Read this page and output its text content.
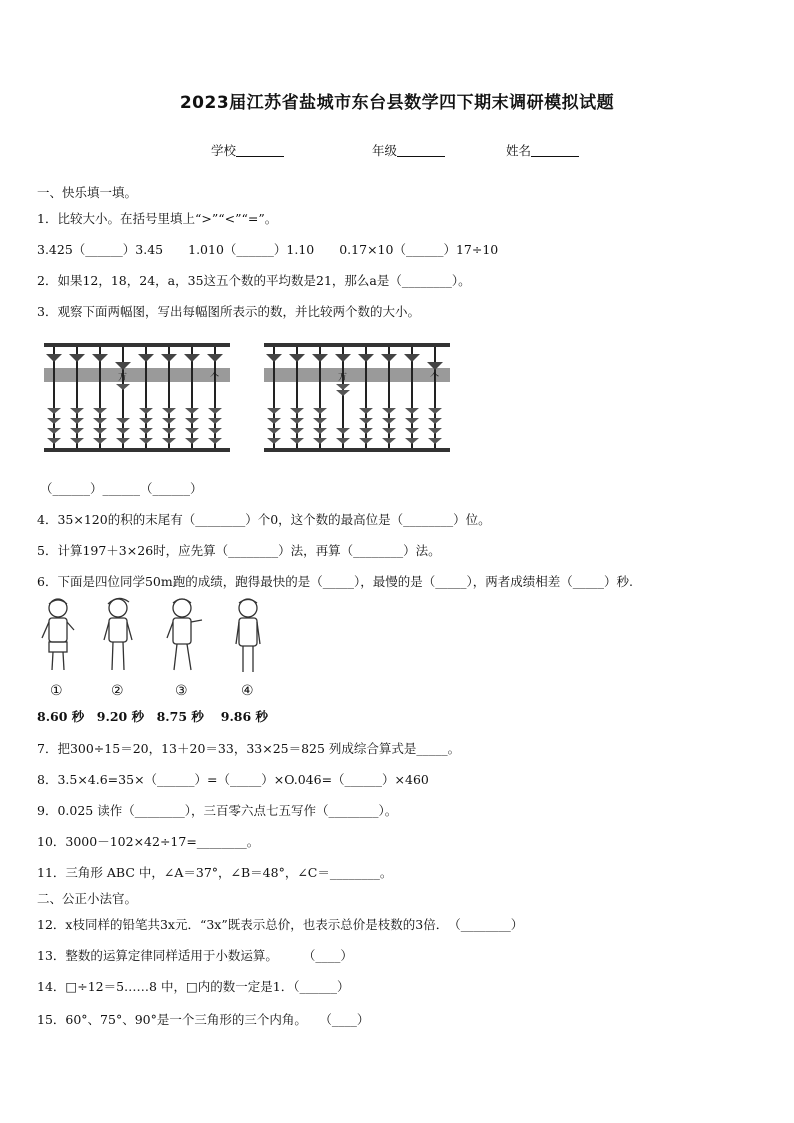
2023届江苏省盐城市东台县数学四下期末调研模拟试题
学校	年级	姓名
一、快乐填一填。
1．比较大小。在括号里填上“>”“<”“=”。
3.425（______）3.45　　1.010（______）1.10　　0.17×10（______）17÷10
2．如果12，18，24，a，35这五个数的平均数是21，那么a是（________）。
3．观察下面两幅图，写出每幅图所表示的数，并比较两个数的大小。
万	个	万	个
（______）______（______）
4．35×120的积的末尾有（________）个0，这个数的最高位是（________）位。
5．计算197＋3×26时，应先算（________）法，再算（________）法。
6．下面是四位同学50m跑的成绩，跑得最快的是（_____），最慢的是（_____），两者成绩相差（_____）秒.
①	②	③	④
8.60 秒　9.20 秒　8.75 秒　 9.86 秒
7．把300÷15＝20，13＋20＝33，33×25＝825 列成综合算式是_____。
8．3.5×4.6=35×（______）=（_____）×O.046=（______）×460
9．0.025 读作（________），三百零六点七五写作（________）。
10．3000－102×42÷17=________。
11．三角形 ABC 中，∠A＝37°，∠B＝48°，∠C＝________。
二、公正小法官。
12．x枝同样的铅笔共3x元．“3x”既表示总价，也表示总价是枝数的3倍．　（________）
13．整数的运算定律同样适用于小数运算。　　　（____）
14．□÷12＝5……8 中，□内的数一定是1．（______）
15．60°、75°、90°是一个三角形的三个内角。　　（____）
